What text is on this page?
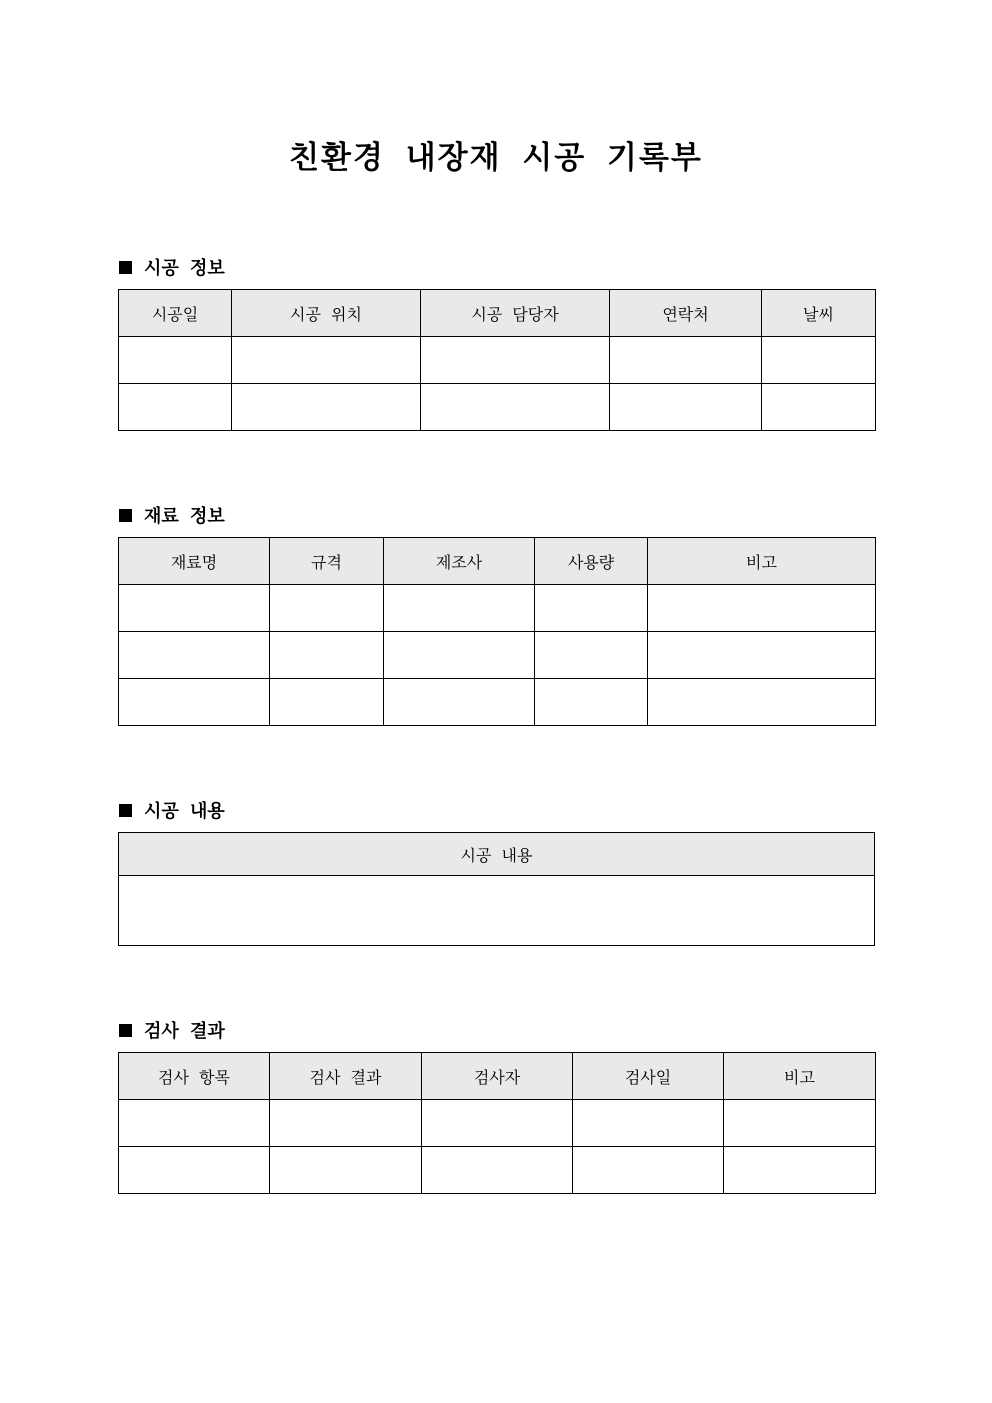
친환경 내장재 시공 기록부
시공 정보
시공일	시공 위치	시공 담당자	연락처	날씨

재료 정보
재료명	규격	제조사	사용량	비고

시공 내용
시공 내용

검사 결과
검사 항목	검사 결과	검사자	검사일	비고
